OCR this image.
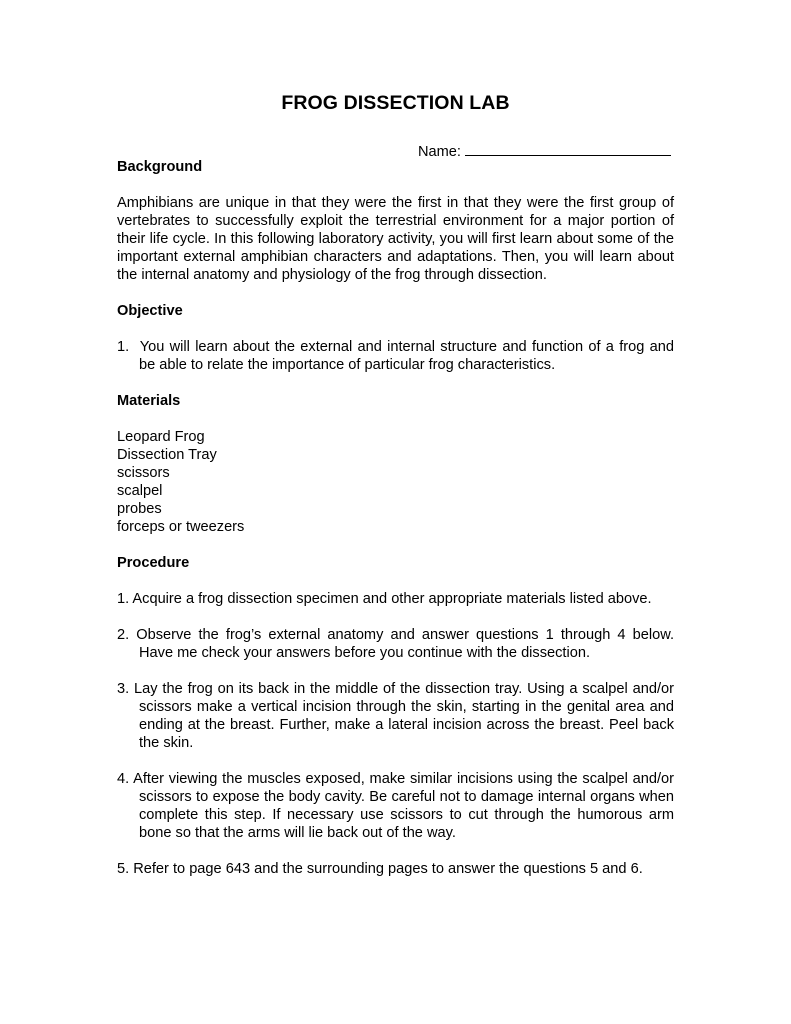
FROG DISSECTION LAB
Name:
Background

Amphibians are unique in that they were the first in that they were the first group of vertebrates to successfully exploit the terrestrial environment for a major portion of their life cycle. In this following laboratory activity, you will first learn about some of the important external amphibian characters and adaptations. Then, you will learn about the internal anatomy and physiology of the frog through dissection.

Objective

1.  You will learn about the external and internal structure and function of a frog and be able to relate the importance of particular frog characteristics.

Materials
Leopard Frog
Dissection Tray
scissors
scalpel
probes
forceps or tweezers
Procedure

1. Acquire a frog dissection specimen and other appropriate materials listed above.

2. Observe the frog’s external anatomy and answer questions 1 through 4 below. Have me check your answers before you continue with the dissection.

3. Lay the frog on its back in the middle of the dissection tray. Using a scalpel and/or scissors make a vertical incision through the skin, starting in the genital area and ending at the breast. Further, make a lateral incision across the breast. Peel back the skin.

4. After viewing the muscles exposed, make similar incisions using the scalpel and/or scissors to expose the body cavity. Be careful not to damage internal organs when complete this step. If necessary use scissors to cut through the humorous arm bone so that the arms will lie back out of the way.

5. Refer to page 643 and the surrounding pages to answer the questions 5 and 6.
